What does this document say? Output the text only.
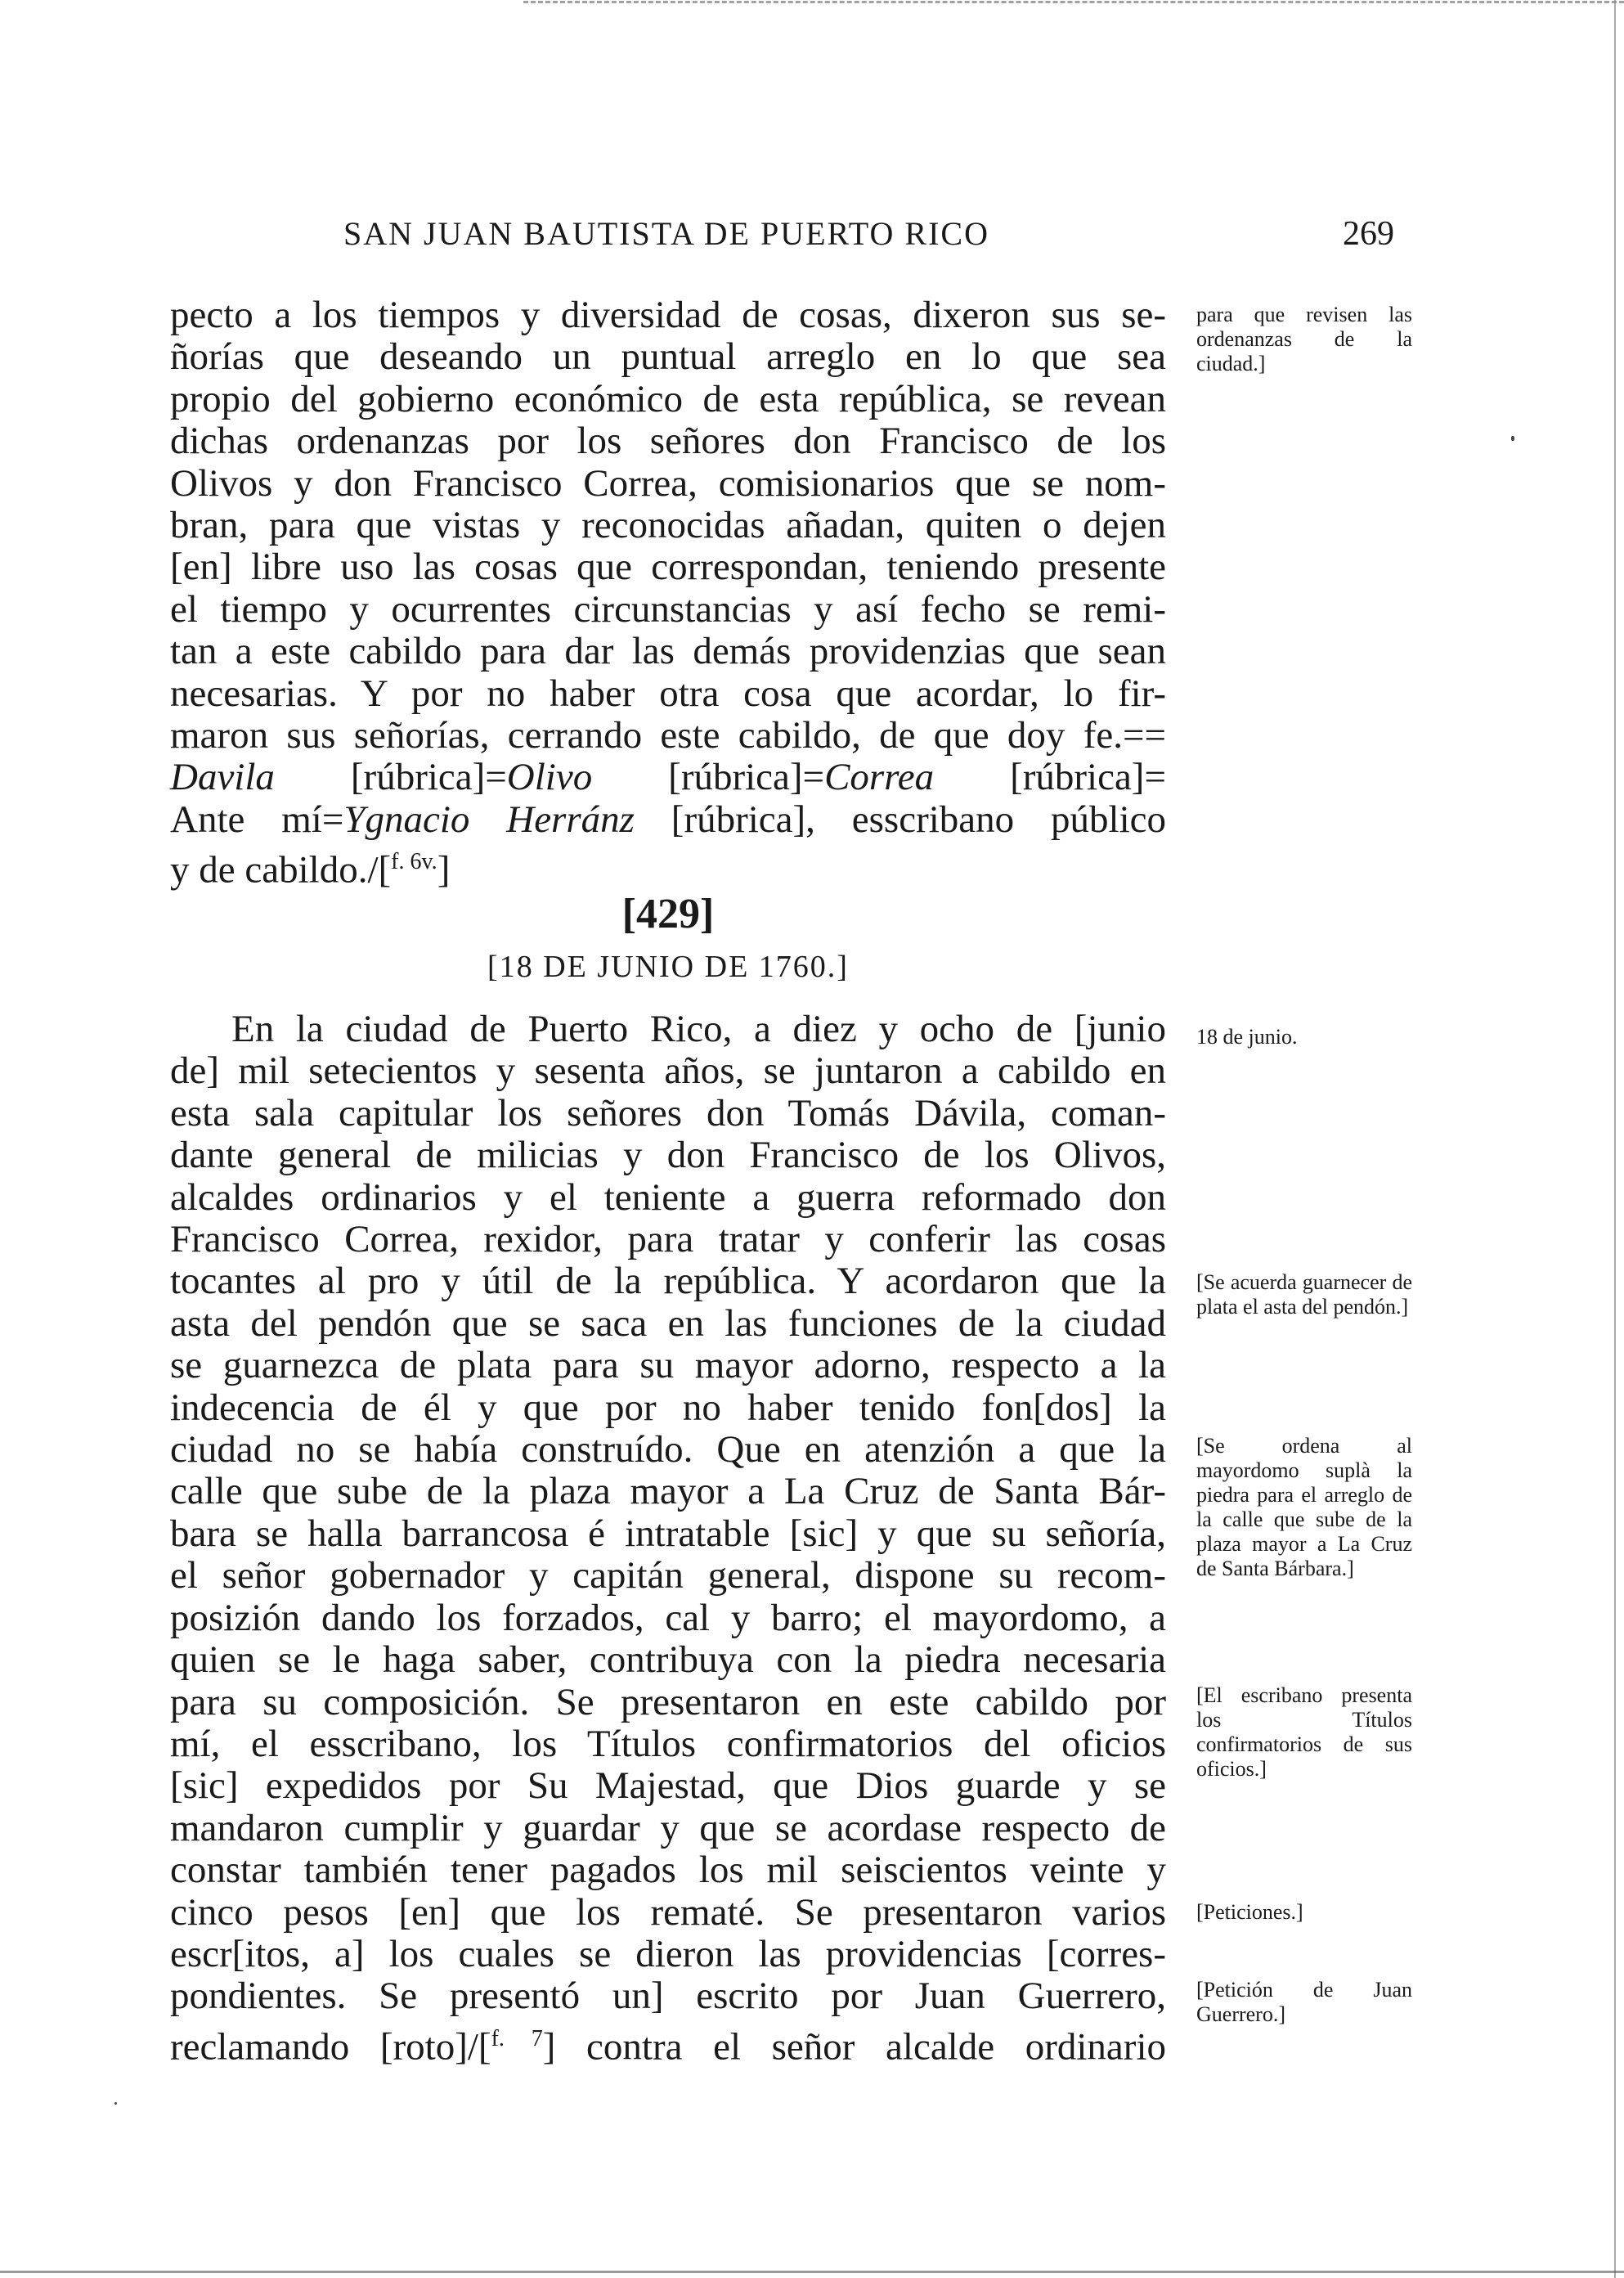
SAN JUAN BAUTISTA DE PUERTO RICO	269

pecto a los tiempos y diversidad de cosas, dixeron sus se-

ñorías que deseando un puntual arreglo en lo que sea

propio del gobierno económico de esta república, se revean

dichas ordenanzas por los señores don Francisco de los

Olivos y don Francisco Correa, comisionarios que se nom-

bran, para que vistas y reconocidas añadan, quiten o dejen

[en] libre uso las cosas que correspondan, teniendo presente

el tiempo y ocurrentes circunstancias y así fecho se remi-

tan a este cabildo para dar las demás providenzias que sean

necesarias. Y por no haber otra cosa que acordar, lo fir-

maron sus señorías, cerrando este cabildo, de que doy fe.==

Davila [rúbrica]=Olivo [rúbrica]=Correa [rúbrica]=

Ante mí=Ygnacio Herránz [rúbrica], esscribano público

y de cabildo./[$^{f. 6v.}$]

[429]
[18 DE JUNIO DE 1760.]

En la ciudad de Puerto Rico, a diez y ocho de [junio

de] mil setecientos y sesenta años, se juntaron a cabildo en

esta sala capitular los señores don Tomás Dávila, coman-

dante general de milicias y don Francisco de los Olivos,

alcaldes ordinarios y el teniente a guerra reformado don

Francisco Correa, rexidor, para tratar y conferir las cosas

tocantes al pro y útil de la república. Y acordaron que la

asta del pendón que se saca en las funciones de la ciudad

se guarnezca de plata para su mayor adorno, respecto a la

indecencia de él y que por no haber tenido fon[dos] la

ciudad no se había construído. Que en atenzión a que la

calle que sube de la plaza mayor a La Cruz de Santa Bár-

bara se halla barrancosa é intratable [sic] y que su señoría,

el señor gobernador y capitán general, dispone su recom-

posizión dando los forzados, cal y barro; el mayordomo, a

quien se le haga saber, contribuya con la piedra necesaria

para su composición. Se presentaron en este cabildo por

mí, el esscribano, los Títulos confirmatorios del oficios

[sic] expedidos por Su Majestad, que Dios guarde y se

mandaron cumplir y guardar y que se acordase respecto de

constar también tener pagados los mil seiscientos veinte y

cinco pesos [en] que los rematé. Se presentaron varios

escr[itos, a] los cuales se dieron las providencias [corres-

pondientes. Se presentó un] escrito por Juan Guerrero,

reclamando [roto]/[$^{f. 7}$] contra el señor alcalde ordinario

para que revisen las ordenanzas de la ciudad.]
18 de junio.
[Se acuerda guarnecer de plata el asta del pendón.]
[Se ordena al mayordomo suplà la piedra para el arreglo de la calle que sube de la plaza mayor a La Cruz de Santa Bárbara.]
[El escribano presenta los Títulos confirmatorios de sus oficios.]
[Peticiones.]
[Petición de Juan Guerrero.]
